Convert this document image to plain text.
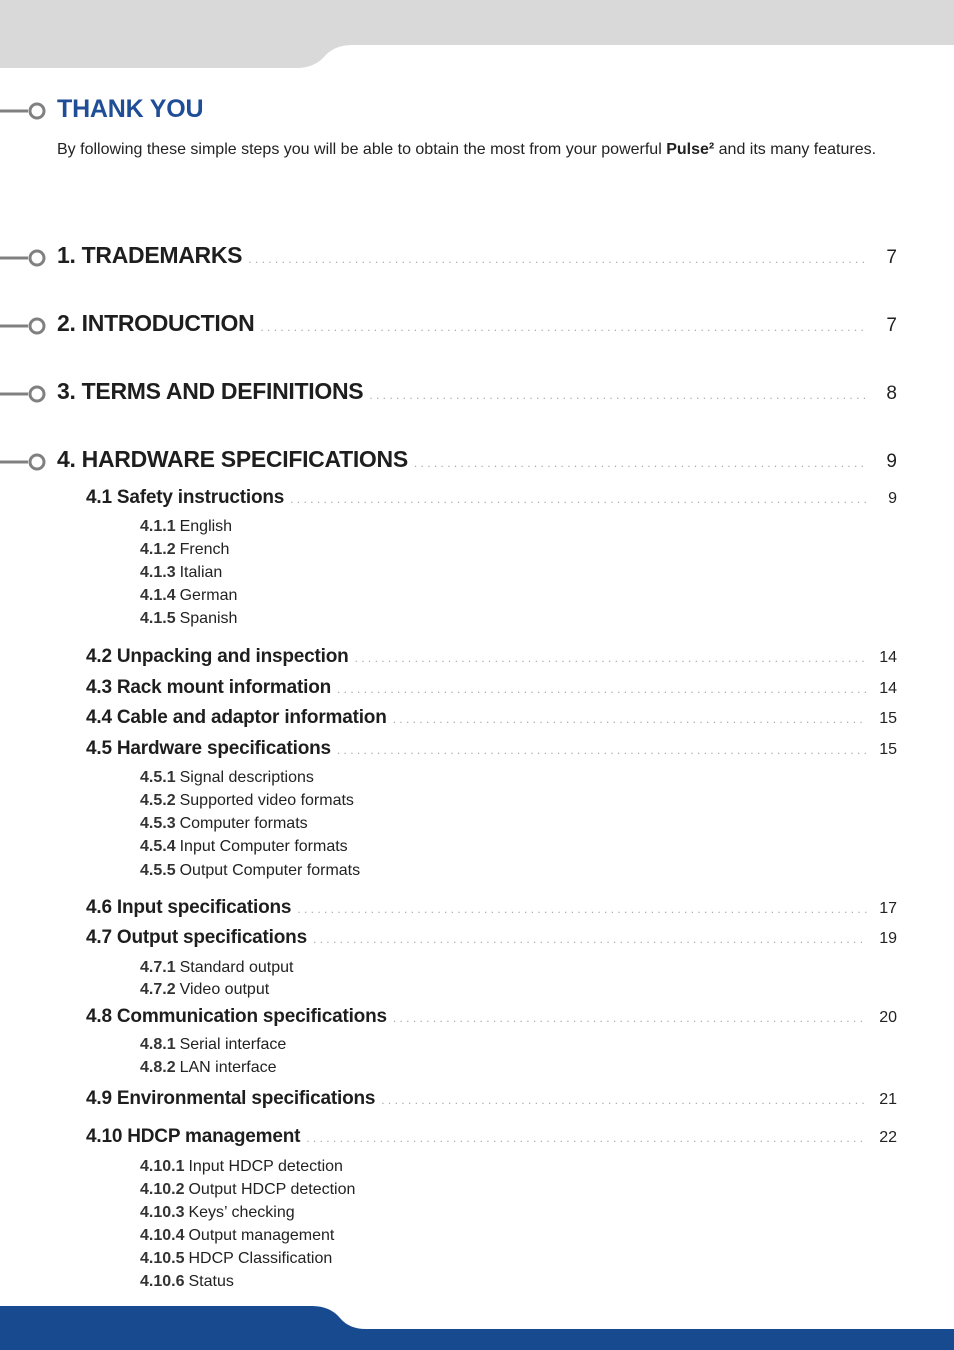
THANK YOU

By following these simple steps you will be able to obtain the most from your powerful Pulse² and its many features.

1. TRADEMARKS . . .	7
2. INTRODUCTION . . .	7
3. TERMS AND DEFINITIONS . . .	8
4. HARDWARE SPECIFICATIONS . . .	9
4.1 Safety instructions . . .	9
4.1.1 English
4.1.2 French
4.1.3 Italian
4.1.4 German
4.1.5 Spanish
4.2 Unpacking and inspection . . .	14
4.3 Rack mount information . . .	14
4.4 Cable and adaptor information . . .	15
4.5 Hardware specifications . . .	15
4.5.1 Signal descriptions
4.5.2 Supported video formats
4.5.3 Computer formats
4.5.4 Input Computer formats
4.5.5 Output Computer formats
4.6 Input specifications . . .	17
4.7 Output specifications . . .	19
4.7.1 Standard output
4.7.2 Video output
4.8 Communication specifications . . .	20
4.8.1 Serial interface
4.8.2 LAN interface
4.9 Environmental specifications . . .	21
4.10 HDCP management . . .	22
4.10.1 Input HDCP detection
4.10.2 Output HDCP detection
4.10.3 Keys’ checking
4.10.4 Output management
4.10.5 HDCP Classification
4.10.6 Status
